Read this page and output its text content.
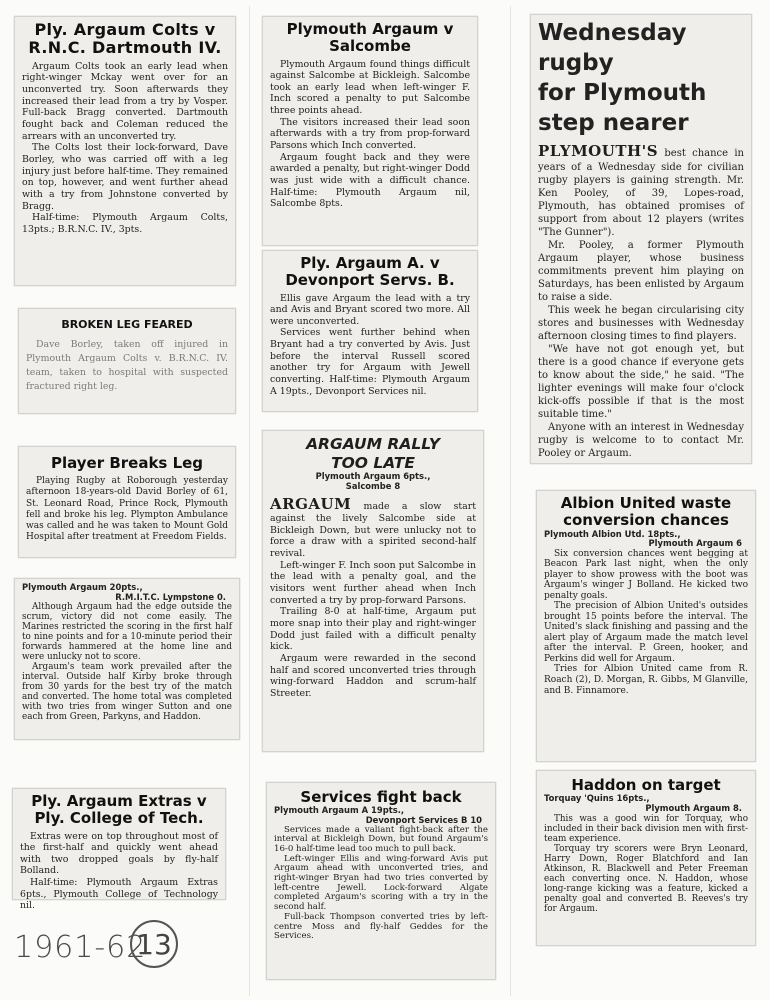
Ply. Argaum Colts v
R.N.C. Dartmouth IV.

Argaum Colts took an early lead when right-winger Mckay went over for an unconverted try. Soon afterwards they increased their lead from a try by Vosper. Full-back Bragg converted. Dartmouth fought back and Coleman reduced the arrears with an unconverted try.

The Colts lost their lock-forward, Dave Borley, who was carried off with a leg injury just before half-time. They remained on top, however, and went further ahead with a try from Johnstone converted by Bragg.

Half-time: Plymouth Argaum Colts, 13pts.; B.R.N.C. IV., 3pts.

BROKEN LEG FEARED

Dave Borley, taken off injured in Plymouth Argaum Colts v. B.R.N.C. IV. team, taken to hospital with suspected fractured right leg.

Player Breaks Leg

Playing Rugby at Roborough yesterday afternoon 18-years-old David Borley of 61, St. Leonard Road, Prince Rock, Plymouth fell and broke his leg. Plympton Ambulance was called and he was taken to Mount Gold Hospital after treatment at Freedom Fields.

Plymouth Argaum 20pts.,
R.M.I.T.C. Lympstone 0.

Although Argaum had the edge outside the scrum, victory did not come easily. The Marines restricted the scoring in the first half to nine points and for a 10-minute period their forwards hammered at the home line and were unlucky not to score.

Argaum's team work prevailed after the interval. Outside half Kirby broke through from 30 yards for the best try of the match and converted. The home total was completed with two tries from winger Sutton and one each from Green, Parkyns, and Haddon.

Ply. Argaum Extras v
Ply. College of Tech.

Extras were on top throughout most of the first-half and quickly went ahead with two dropped goals by fly-half Bolland.

Half-time: Plymouth Argaum Extras 6pts., Plymouth College of Technology nil.

Plymouth Argaum v
Salcombe

Plymouth Argaum found things difficult against Salcombe at Bickleigh. Salcombe took an early lead when left-winger F. Inch scored a penalty to put Salcombe three points ahead.

The visitors increased their lead soon afterwards with a try from prop-forward Parsons which Inch converted.

Argaum fought back and they were awarded a penalty, but right-winger Dodd was just wide with a difficult chance. Half-time: Plymouth Argaum nil, Salcombe 8pts.

Ply. Argaum A. v
Devonport Servs. B.

Ellis gave Argaum the lead with a try and Avis and Bryant scored two more. All were unconverted.

Services went further behind when Bryant had a try converted by Avis. Just before the interval Russell scored another try for Argaum with Jewell converting. Half-time: Plymouth Argaum A 19pts., Devonport Services nil.

ARGAUM RALLY
TOO LATE
Plymouth Argaum 6pts.,
Salcombe 8
ARGAUM made a slow start against the lively Salcombe side at Bickleigh Down, but were unlucky not to force a draw with a spirited second-half revival.

Left-winger F. Inch soon put Salcombe in the lead with a penalty goal, and the visitors went further ahead when Inch converted a try by prop-forward Parsons.

Trailing 8-0 at half-time, Argaum put more snap into their play and right-winger Dodd just failed with a difficult penalty kick.

Argaum were rewarded in the second half and scored unconverted tries through wing-forward Haddon and scrum-half Streeter.

Services fight back
Plymouth Argaum A 19pts.,
Devonport Services B 10

Services made a valiant fight-back after the interval at Bickleigh Down, but found Argaum's 16-0 half-time lead too much to pull back.

Left-winger Ellis and wing-forward Avis put Argaum ahead with unconverted tries, and right-winger Bryan had two tries converted by left-centre Jewell. Lock-forward Algate completed Argaum's scoring with a try in the second half.

Full-back Thompson converted tries by left-centre Moss and fly-half Geddes for the Services.

Wednesday rugby
for Plymouth
step nearer
PLYMOUTH'S best chance in years of a Wednesday side for civilian rugby players is gaining strength. Mr. Ken Pooley, of 39, Lopes-road, Plymouth, has obtained promises of support from about 12 players (writes "The Gunner").

Mr. Pooley, a former Plymouth Argaum player, whose business commitments prevent him playing on Saturdays, has been enlisted by Argaum to raise a side.

This week he began circularising city stores and businesses with Wednesday afternoon closing times to find players.

"We have not got enough yet, but there is a good chance if everyone gets to know about the side," he said. "The lighter evenings will make four o'clock kick-offs possible if that is the most suitable time."

Anyone with an interest in Wednesday rugby is welcome to to contact Mr. Pooley or Argaum.

Albion United waste
conversion chances
Plymouth Albion Utd. 18pts.,
Plymouth Argaum 6

Six conversion chances went begging at Beacon Park last night, when the only player to show prowess with the boot was Argaum's winger J Bolland. He kicked two penalty goals.

The precision of Albion United's outsides brought 15 points before the interval. The United's slack finishing and passing and the alert play of Argaum made the match level after the interval. P. Green, hooker, and Perkins did well for Argaum.

Tries for Albion United came from R. Roach (2), D. Morgan, R. Gibbs, M Glanville, and B. Finnamore.

Haddon on target
Torquay 'Quins 16pts.,
Plymouth Argaum 8.

This was a good win for Torquay, who included in their back division men with first-team experience.

Torquay try scorers were Bryn Leonard, Harry Down, Roger Blatchford and Ian Atkinson, R. Blackwell and Peter Freeman each converting once. N. Haddon, whose long-range kicking was a feature, kicked a penalty goal and converted B. Reeves's try for Argaum.

1961-62
13
